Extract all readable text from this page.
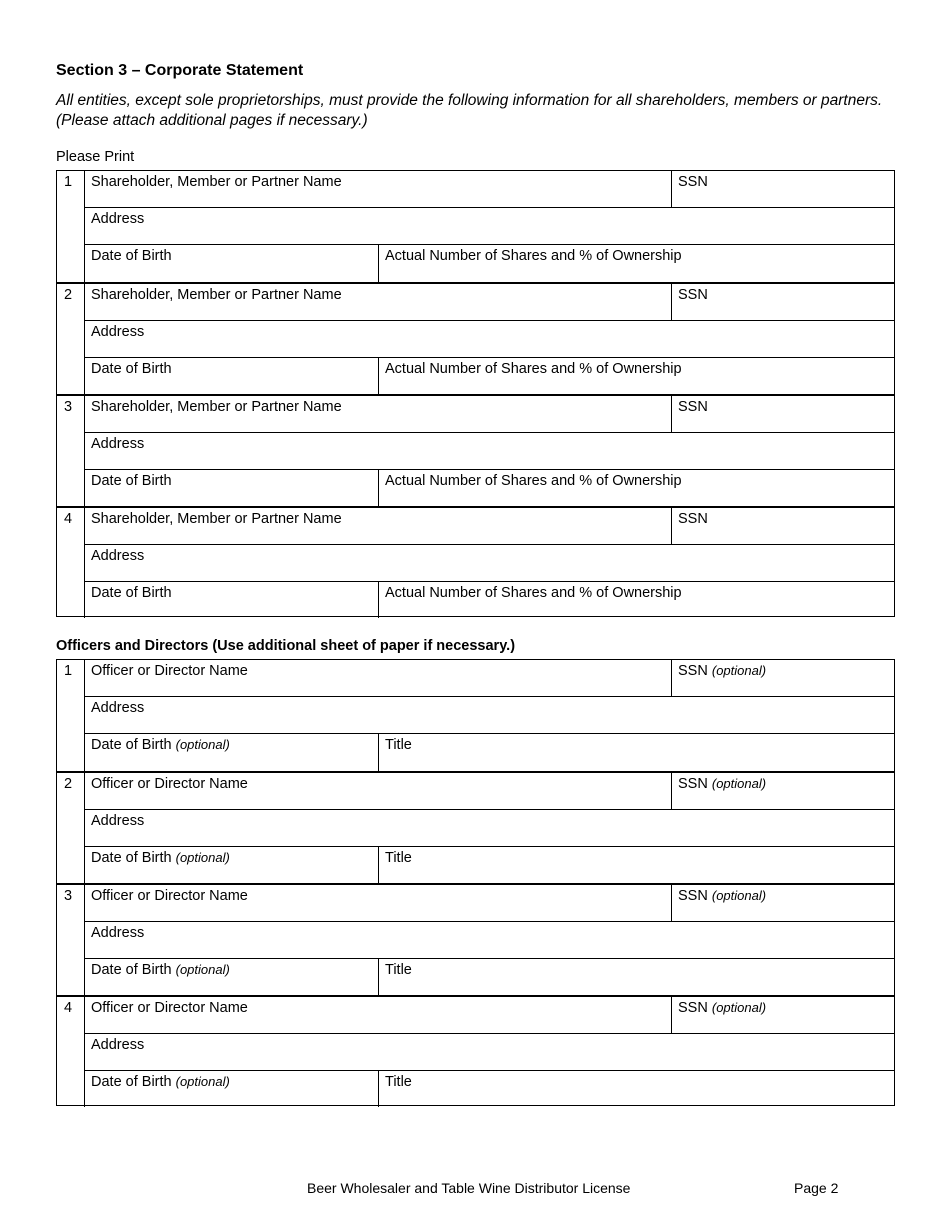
Section 3 – Corporate Statement

All entities, except sole proprietorships, must provide the following information for all shareholders, members or partners. (Please attach additional pages if necessary.)

Please Print
1	Shareholder, Member or Partner Name	SSN
Address
Date of Birth	Actual Number of Shares and % of Ownership
2	Shareholder, Member or Partner Name	SSN
Address
Date of Birth	Actual Number of Shares and % of Ownership
3	Shareholder, Member or Partner Name	SSN
Address
Date of Birth	Actual Number of Shares and % of Ownership
4	Shareholder, Member or Partner Name	SSN
Address
Date of Birth	Actual Number of Shares and % of Ownership
Officers and Directors (Use additional sheet of paper if necessary.)
1	Officer or Director Name	SSN (optional)
Address
Date of Birth (optional)	Title
2	Officer or Director Name	SSN (optional)
Address
Date of Birth (optional)	Title
3	Officer or Director Name	SSN (optional)
Address
Date of Birth (optional)	Title
4	Officer or Director Name	SSN (optional)
Address
Date of Birth (optional)	Title
Beer Wholesaler and Table Wine Distributor License	Page 2
